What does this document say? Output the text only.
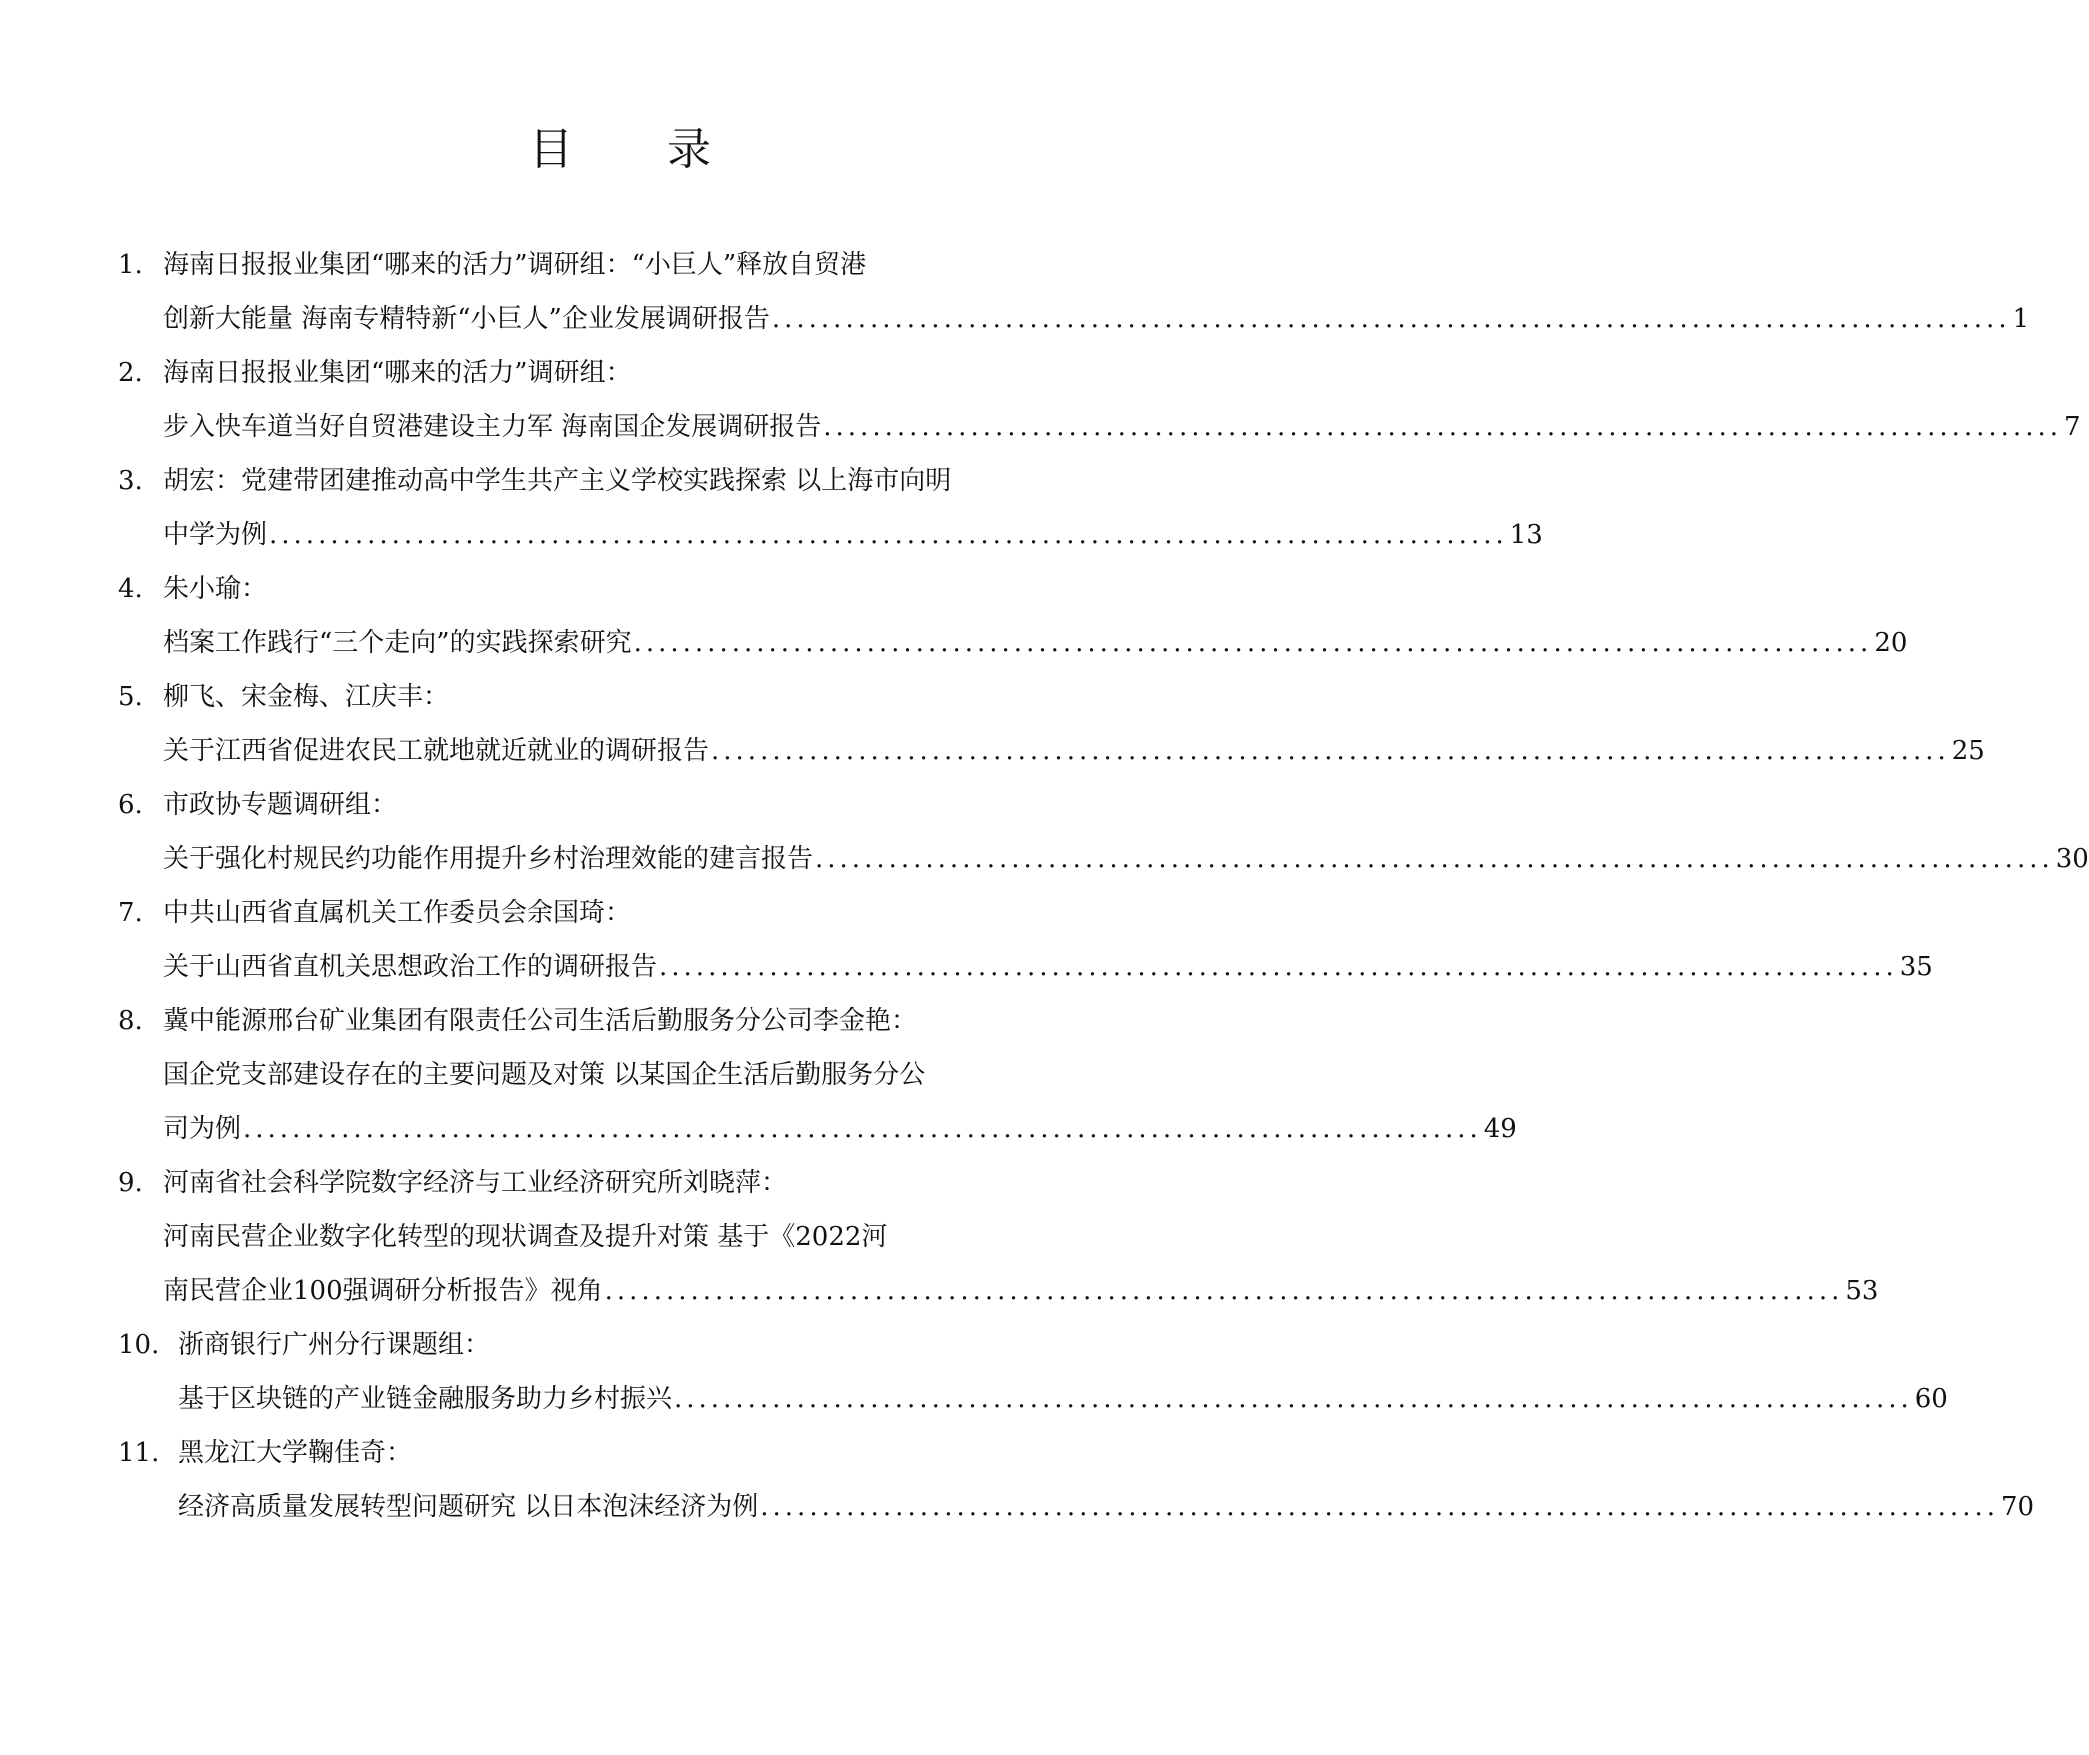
目 录
1. 海南日报报业集团“哪来的活力”调研组：“小巨人”释放自贸港
创新大能量 海南专精特新“小巨人”企业发展调研报告 ..................................................................................................... 1
2. 海南日报报业集团“哪来的活力”调研组：
步入快车道当好自贸港建设主力军 海南国企发展调研报告 ..................................................................................................... 7
3. 胡宏：党建带团建推动高中学生共产主义学校实践探索 以上海市向明
中学为例 ..................................................................................................... 13
4. 朱小瑜：
档案工作践行“三个走向”的实践探索研究 ..................................................................................................... 20
5. 柳飞、宋金梅、江庆丰：
关于江西省促进农民工就地就近就业的调研报告 ..................................................................................................... 25
6. 市政协专题调研组：
关于强化村规民约功能作用提升乡村治理效能的建言报告 ..................................................................................................... 30
7. 中共山西省直属机关工作委员会余国琦：
关于山西省直机关思想政治工作的调研报告 ..................................................................................................... 35
8. 冀中能源邢台矿业集团有限责任公司生活后勤服务分公司李金艳：
国企党支部建设存在的主要问题及对策 以某国企生活后勤服务分公
司为例 ..................................................................................................... 49
9. 河南省社会科学院数字经济与工业经济研究所刘晓萍：
河南民营企业数字化转型的现状调查及提升对策 基于《2022河
南民营企业100强调研分析报告》视角 ..................................................................................................... 53
10. 浙商银行广州分行课题组：
基于区块链的产业链金融服务助力乡村振兴 ..................................................................................................... 60
11. 黑龙江大学鞠佳奇：
经济高质量发展转型问题研究 以日本泡沫经济为例 ..................................................................................................... 70
